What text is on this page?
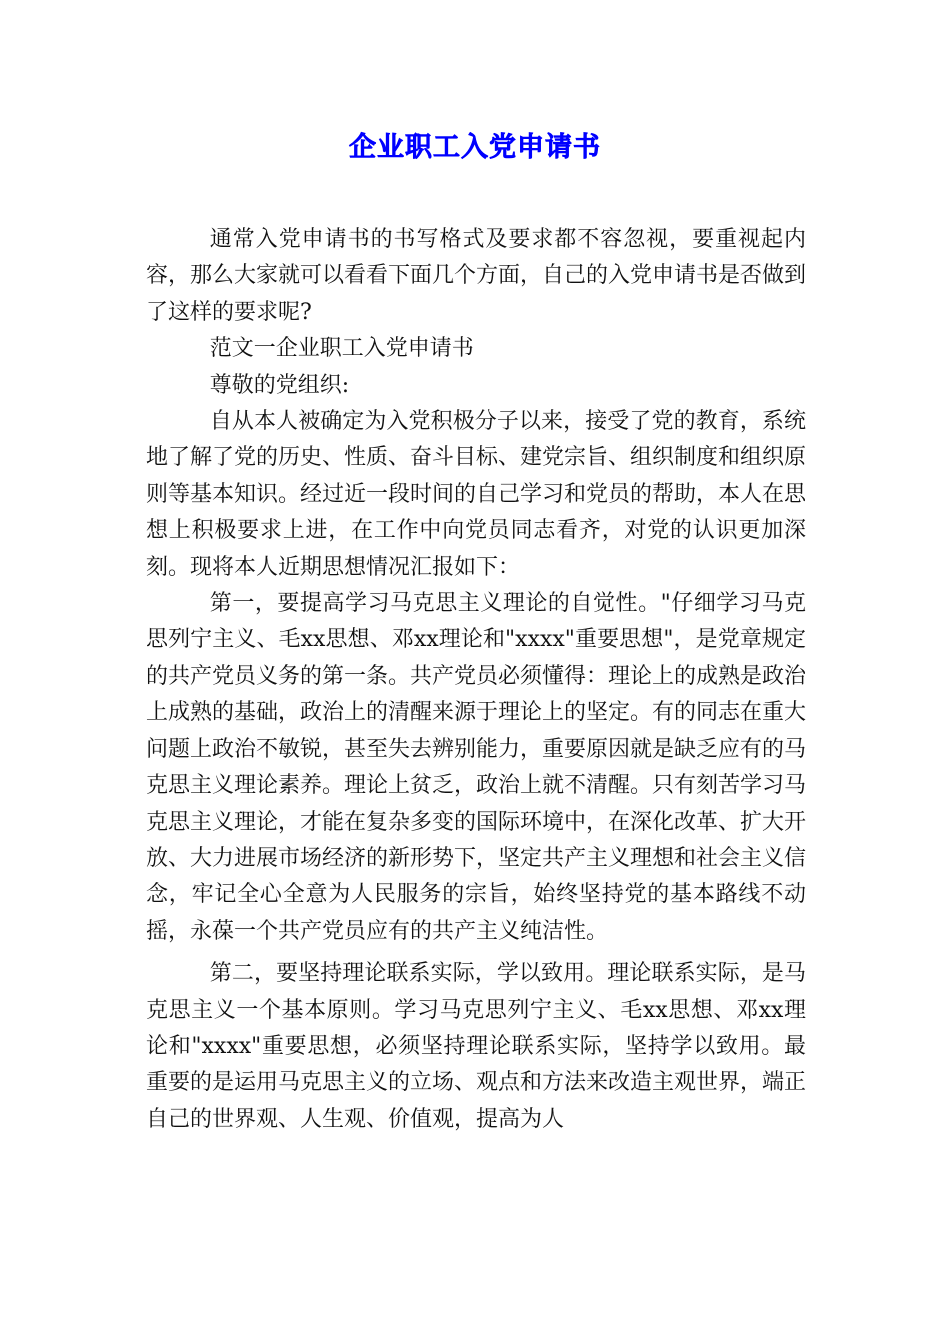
企业职工入党申请书

通常入党申请书的书写格式及要求都不容忽视，要重视起内容，那么大家就可以看看下面几个方面，自己的入党申请书是否做到了这样的要求呢?

范文一企业职工入党申请书

尊敬的党组织:

自从本人被确定为入党积极分子以来，接受了党的教育，系统地了解了党的历史、性质、奋斗目标、建党宗旨、组织制度和组织原则等基本知识。经过近一段时间的自己学习和党员的帮助，本人在思想上积极要求上进，在工作中向党员同志看齐，对党的认识更加深刻。现将本人近期思想情况汇报如下：

第一，要提高学习马克思主义理论的自觉性。"仔细学习马克思列宁主义、毛xx思想、邓xx理论和"xxxx"重要思想"，是党章规定的共产党员义务的第一条。共产党员必须懂得：理论上的成熟是政治上成熟的基础，政治上的清醒来源于理论上的坚定。有的同志在重大问题上政治不敏锐，甚至失去辨别能力，重要原因就是缺乏应有的马克思主义理论素养。理论上贫乏，政治上就不清醒。只有刻苦学习马克思主义理论，才能在复杂多变的国际环境中，在深化改革、扩大开放、大力进展市场经济的新形势下，坚定共产主义理想和社会主义信念，牢记全心全意为人民服务的宗旨，始终坚持党的基本路线不动摇，永葆一个共产党员应有的共产主义纯洁性。

第二，要坚持理论联系实际，学以致用。理论联系实际，是马克思主义一个基本原则。学习马克思列宁主义、毛xx思想、邓xx理论和"xxxx"重要思想，必须坚持理论联系实际，坚持学以致用。最重要的是运用马克思主义的立场、观点和方法来改造主观世界，端正自己的世界观、人生观、价值观，提高为人
